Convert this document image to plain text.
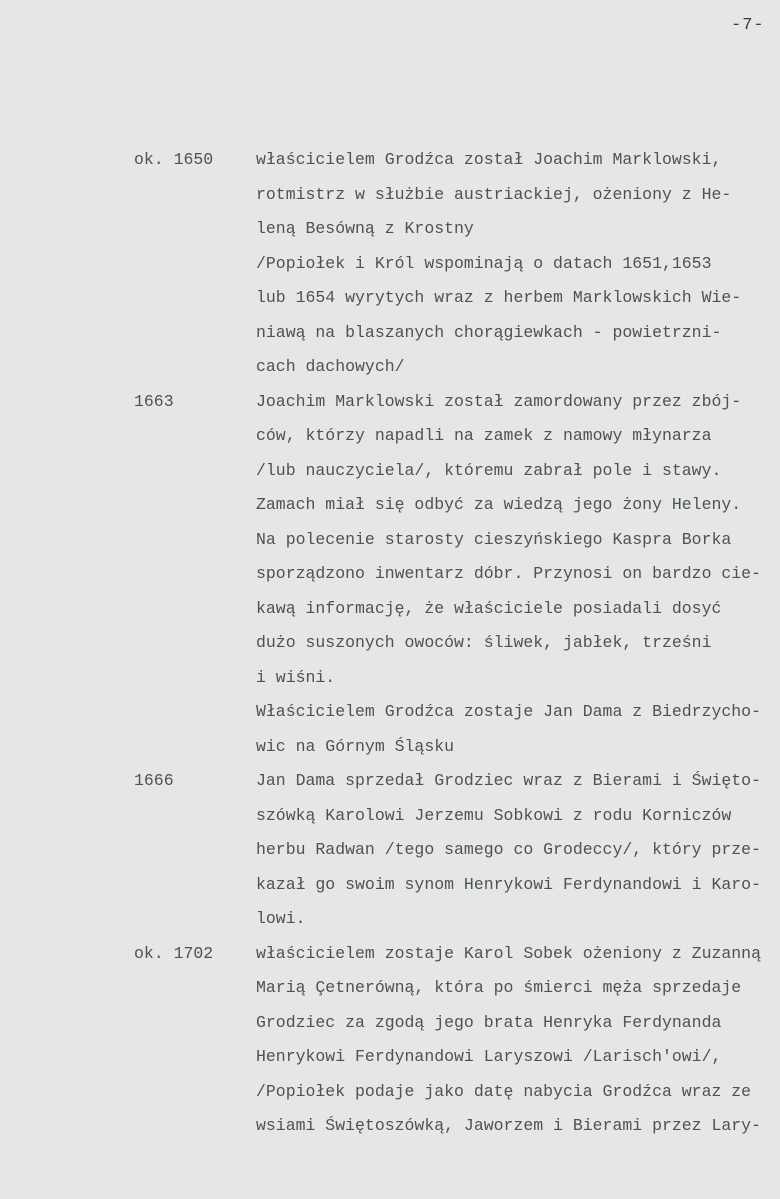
-7-
ok. 1650	właścicielem Grodźca został Joachim Marklowski,
rotmistrz w służbie austriackiej, ożeniony z He-
leną Besówną z Krostny
/Popiołek i Król wspominają o datach 1651,1653
lub 1654 wyrytych wraz z herbem Marklowskich Wie-
niawą na blaszanych chorągiewkach - powietrzni-
cach dachowych/
1663	Joachim Marklowski został zamordowany przez zbój-
ców, którzy napadli na zamek z namowy młynarza
/lub nauczyciela/, któremu zabrał pole i stawy.
Zamach miał się odbyć za wiedzą jego żony Heleny.
Na polecenie starosty cieszyńskiego Kaspra Borka
sporządzono inwentarz dóbr. Przynosi on bardzo cie-
kawą informację, że właściciele posiadali dosyć
dużo suszonych owoców: śliwek, jabłek, trześni
i wiśni.
Właścicielem Grodźca zostaje Jan Dama z Biedrzycho-
wic na Górnym Śląsku
1666	Jan Dama sprzedał Grodziec wraz z Bierami i Święto-
szówką Karolowi Jerzemu Sobkowi z rodu Korniczów
herbu Radwan /tego samego co Grodeccy/, który prze-
kazał go swoim synom Henrykowi Ferdynandowi i Karo-
lowi.
ok. 1702	właścicielem zostaje Karol Sobek ożeniony z Zuzanną
Marią Çetnerówną, która po śmierci męża sprzedaje
Grodziec za zgodą jego brata Henryka Ferdynanda
Henrykowi Ferdynandowi Laryszowi /Larisch'owi/,
/Popiołek podaje jako datę nabycia Grodźca wraz ze
wsiami Świętoszówką, Jaworzem i Bierami przez Lary-
